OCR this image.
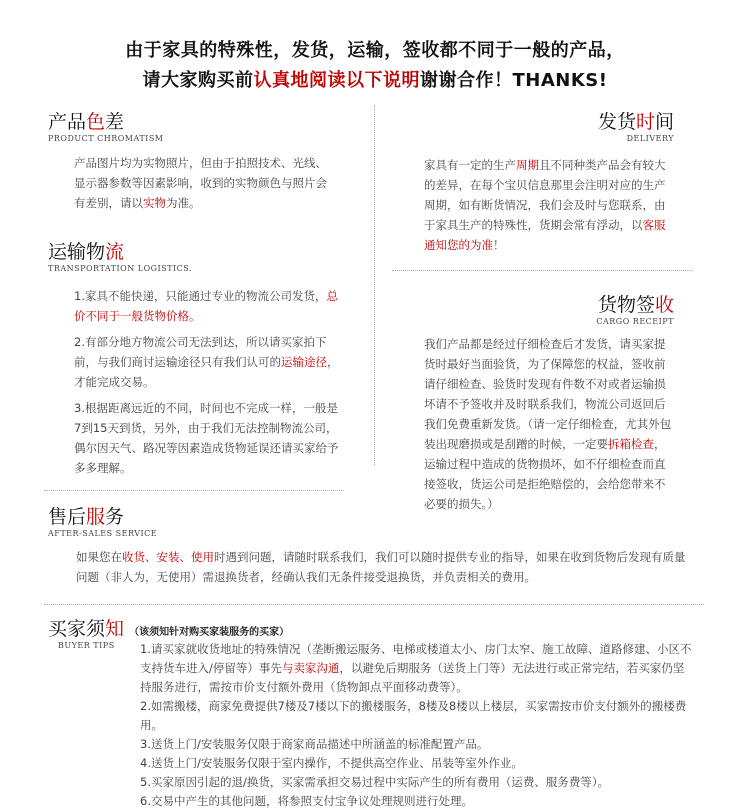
由于家具的特殊性，发货，运输，签收都不同于一般的产品，
请大家购买前认真地阅读以下说明谢谢合作！THANKS!
产品色差
PRODUCT CHROMATISM
产品图片均为实物照片，但由于拍照技术、光线、显示器参数等因素影响，收到的实物颜色与照片会有差别，请以实物为准。
发货时间
DELIVERY
家具有一定的生产周期且不同种类产品会有较大的差异，在每个宝贝信息那里会注明对应的生产周期，如有断货情况，我们会及时与您联系，由于家具生产的特殊性，货期会常有浮动，以客服通知您的为准！
运输物流
TRANSPORTATION LOGISTICS.

1.家具不能快递，只能通过专业的物流公司发货，总价不同于一般货物价格。

2.有部分地方物流公司无法到达，所以请买家拍下前，与我们商讨运输途径只有我们认可的运输途径，才能完成交易。

3.根据距离远近的不同，时间也不完成一样，一般是7到15天到货，另外，由于我们无法控制物流公司，偶尔因天气、路况等因素造成货物延误还请买家给予多多理解。

货物签收
CARGO RECEIPT
我们产品都是经过仔细检查后才发货，请买家提货时最好当面验货，为了保障您的权益，签收前请仔细检查、验货时发现有件数不对或者运输损坏请不予签收并及时联系我们，物流公司返回后我们免费重新发货。（请一定仔细检查，尤其外包装出现磨损或是刮蹭的时候，一定要拆箱检查，运输过程中造成的货物损坏，如不仔细检查而直接签收，货运公司是拒绝赔偿的，会给您带来不必要的损失。）
售后服务
AFTER-SALES SERVICE
如果您在收货、安装、使用时遇到问题，请随时联系我们，我们可以随时提供专业的指导，如果在收到货物后发现有质量问题（非人为，无使用）需退换货者，经确认我们无条件接受退换货，并负责相关的费用。
买家须知 （该须知针对购买家装服务的买家）
BUYER TIPS	1.请买家就收货地址的特殊情况（垄断搬运服务、电梯或楼道太小、房门太窄、施工故障、道路修建、小区不支持货车进入/停留等）事先与卖家沟通，以避免后期服务（送货上门等）无法进行或正常完结，若买家仍坚持服务进行，需按市价支付额外费用（货物卸点平面移动费等）。
2.如需搬楼，商家免费提供7楼及7楼以下的搬楼服务，8楼及8楼以上楼层，买家需按市价支付额外的搬楼费用。
3.送货上门/安装服务仅限于商家商品描述中所涵盖的标准配置产品。
4.送货上门/安装服务仅限于室内操作，不提供高空作业、吊装等室外作业。
5.买家原因引起的退/换货，买家需承担交易过程中实际产生的所有费用（运费、服务费等）。
6.交易中产生的其他问题，将参照支付宝争议处理规则进行处理。
